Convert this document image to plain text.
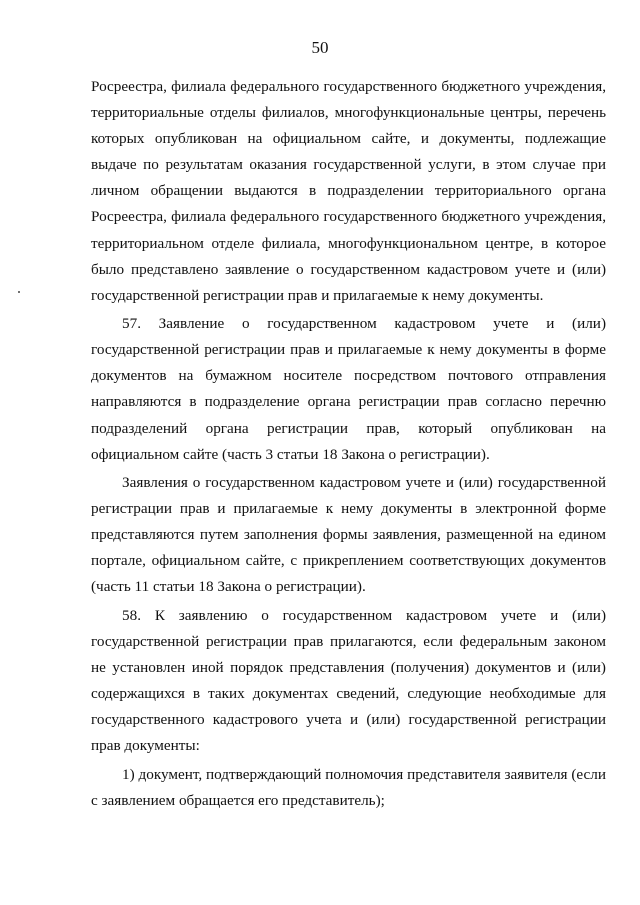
50

Росреестра, филиала федерального государственного бюджетного учреждения, территориальные отделы филиалов, многофункциональные центры, перечень которых опубликован на официальном сайте, и документы, подлежащие выдаче по результатам оказания государственной услуги, в этом случае при личном обращении выдаются в подразделении территориального органа Росреестра, филиала федерального государственного бюджетного учреждения, территориальном отделе филиала, многофункциональном центре, в которое было представлено заявление о государственном кадастровом учете и (или) государственной регистрации прав и прилагаемые к нему документы.

57. Заявление о государственном кадастровом учете и (или) государственной регистрации прав и прилагаемые к нему документы в форме документов на бумажном носителе посредством почтового отправления направляются в подразделение органа регистрации прав согласно перечню подразделений органа регистрации прав, который опубликован на официальном сайте (часть 3 статьи 18 Закона о регистрации).

Заявления о государственном кадастровом учете и (или) государственной регистрации прав и прилагаемые к нему документы в электронной форме представляются путем заполнения формы заявления, размещенной на едином портале, официальном сайте, с прикреплением соответствующих документов (часть 11 статьи 18 Закона о регистрации).

58. К заявлению о государственном кадастровом учете и (или) государственной регистрации прав прилагаются, если федеральным законом не установлен иной порядок представления (получения) документов и (или) содержащихся в таких документах сведений, следующие необходимые для государственного кадастрового учета и (или) государственной регистрации прав документы:

1) документ, подтверждающий полномочия представителя заявителя (если с заявлением обращается его представитель);
